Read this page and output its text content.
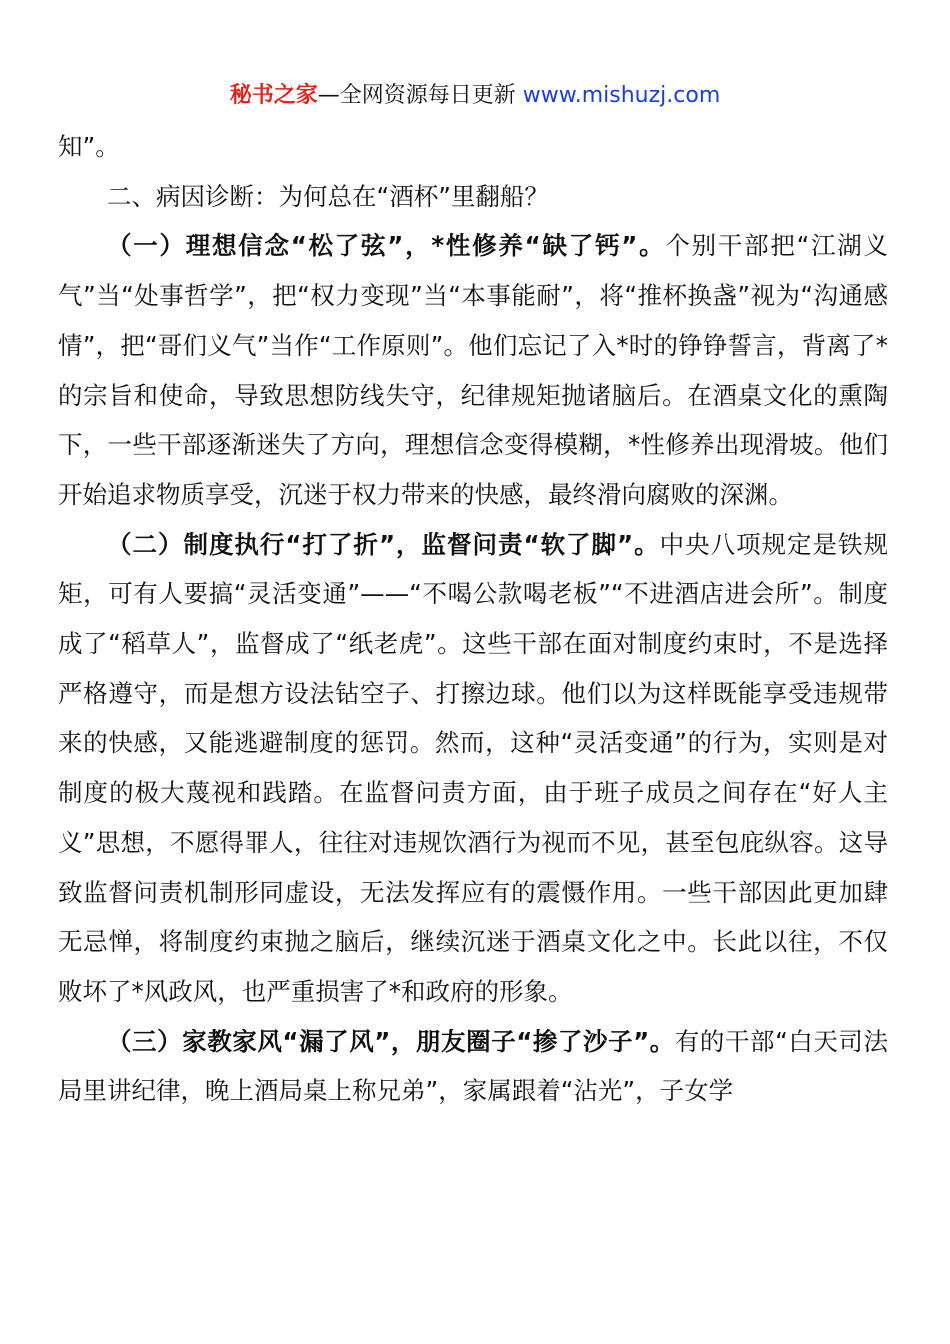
秘书之家—全网资源每日更新 www.mishuzj.com

知”。

二、病因诊断：为何总在“酒杯”里翻船？

（一）理想信念“松了弦”，*性修养“缺了钙”。个别干部把“江湖义气”当“处事哲学”，把“权力变现”当“本事能耐”，将“推杯换盏”视为“沟通感情”，把“哥们义气”当作“工作原则”。他们忘记了入*时的铮铮誓言，背离了*的宗旨和使命，导致思想防线失守，纪律规矩抛诸脑后。在酒桌文化的熏陶下，一些干部逐渐迷失了方向，理想信念变得模糊，*性修养出现滑坡。他们开始追求物质享受，沉迷于权力带来的快感，最终滑向腐败的深渊。

（二）制度执行“打了折”，监督问责“软了脚”。中央八项规定是铁规矩，可有人要搞“灵活变通”——“不喝公款喝老板”“不进酒店进会所”。制度成了“稻草人”，监督成了“纸老虎”。这些干部在面对制度约束时，不是选择严格遵守，而是想方设法钻空子、打擦边球。他们以为这样既能享受违规带来的快感，又能逃避制度的惩罚。然而，这种“灵活变通”的行为，实则是对制度的极大蔑视和践踏。在监督问责方面，由于班子成员之间存在“好人主义”思想，不愿得罪人，往往对违规饮酒行为视而不见，甚至包庇纵容。这导致监督问责机制形同虚设，无法发挥应有的震慑作用。一些干部因此更加肆无忌惮，将制度约束抛之脑后，继续沉迷于酒桌文化之中。长此以往，不仅败坏了*风政风，也严重损害了*和政府的形象。

（三）家教家风“漏了风”，朋友圈子“掺了沙子”。有的干部“白天司法局里讲纪律，晚上酒局桌上称兄弟”，家属跟着“沾光”，子女学
